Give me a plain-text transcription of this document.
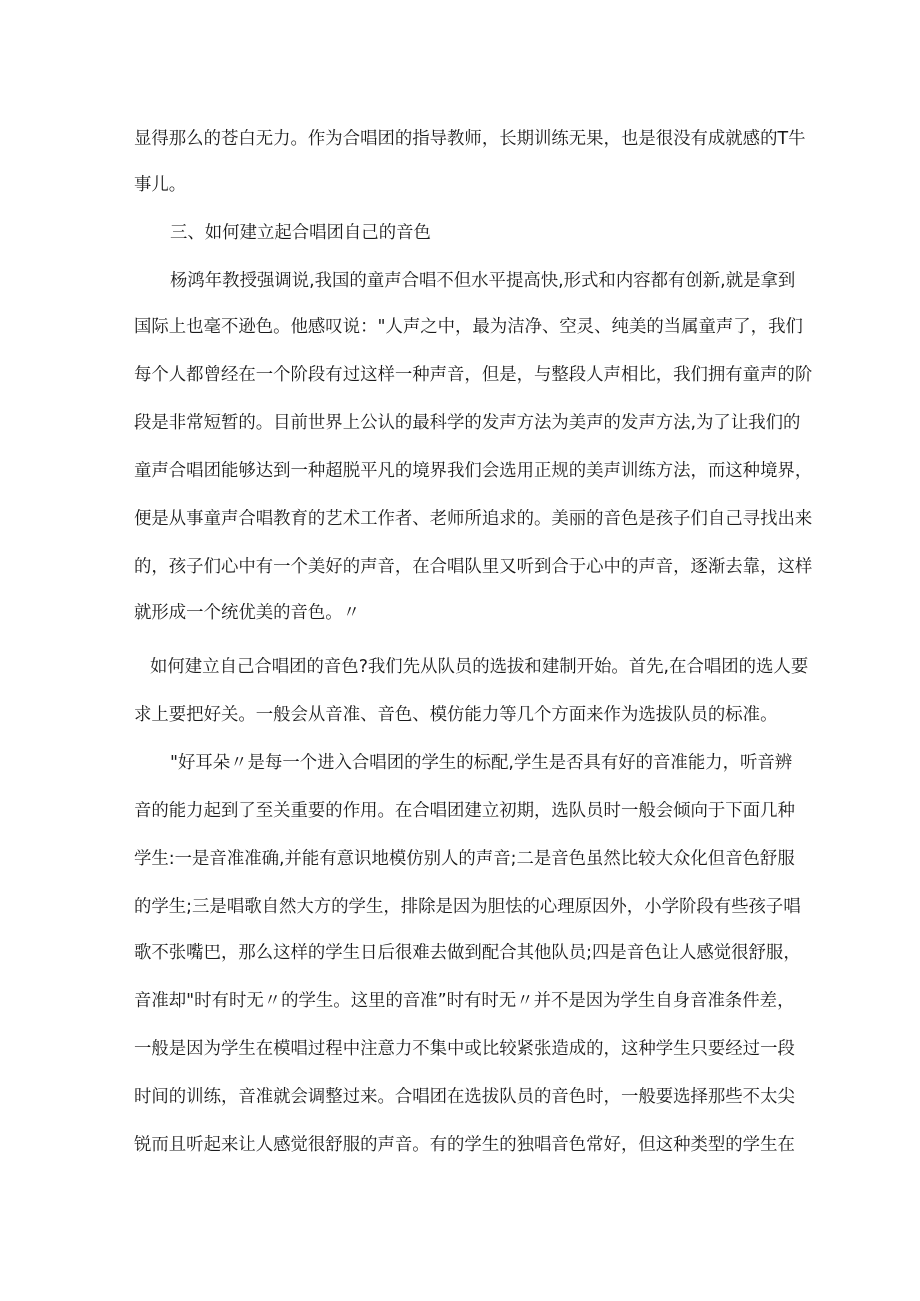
显得那么的苍白无力。作为合唱团的指导教师，长期训练无果，也是很没有成就感的T牛
事儿。
三、如何建立起合唱团自己的音色
杨鸿年教授强调说,我国的童声合唱不但水平提高快,形式和内容都有创新,就是拿到
国际上也毫不逊色。他感叹说："人声之中，最为洁净、空灵、纯美的当属童声了，我们
每个人都曾经在一个阶段有过这样一种声音，但是，与整段人声相比，我们拥有童声的阶
段是非常短暂的。目前世界上公认的最科学的发声方法为美声的发声方法,为了让我们的
童声合唱团能够达到一种超脱平凡的境界我们会选用正规的美声训练方法，而这种境界，
便是从事童声合唱教育的艺术工作者、老师所追求的。美丽的音色是孩子们自己寻找出来
的，孩子们心中有一个美好的声音，在合唱队里又听到合于心中的声音，逐渐去靠，这样
就形成一个统优美的音色。〃
如何建立自己合唱团的音色?我们先从队员的选拔和建制开始。首先,在合唱团的选人要
求上要把好关。一般会从音准、音色、模仿能力等几个方面来作为选拔队员的标准。
"好耳朵〃是每一个进入合唱团的学生的标配,学生是否具有好的音准能力，听音辨
音的能力起到了至关重要的作用。在合唱团建立初期，选队员时一般会倾向于下面几种
学生:一是音准准确,并能有意识地模仿别人的声音;二是音色虽然比较大众化但音色舒服
的学生;三是唱歌自然大方的学生，排除是因为胆怯的心理原因外，小学阶段有些孩子唱
歌不张嘴巴，那么这样的学生日后很难去做到配合其他队员;四是音色让人感觉很舒服，
音准却"时有时无〃的学生。这里的音准”时有时无〃并不是因为学生自身音准条件差，
一般是因为学生在模唱过程中注意力不集中或比较紧张造成的，这种学生只要经过一段
时间的训练，音准就会调整过来。合唱团在选拔队员的音色时，一般要选择那些不太尖
锐而且听起来让人感觉很舒服的声音。有的学生的独唱音色常好，但这种类型的学生在
